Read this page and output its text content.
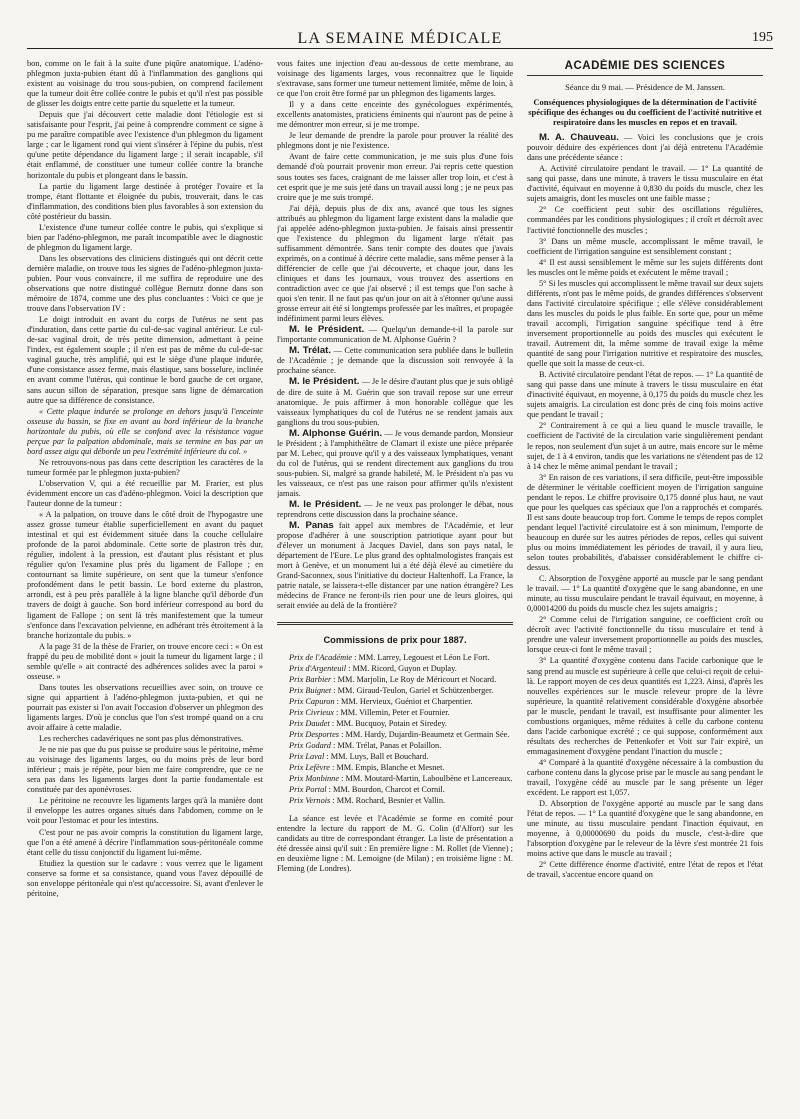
LA SEMAINE MÉDICALE	195

bon, comme on le fait à la suite d'une piqûre anatomique. L'adéno-phlegmon juxta-pubien étant dû à l'inflammation des ganglions qui existent au voisinage du trou sous-pubien, on comprend facilement que la tumeur doit être collée contre le pubis et qu'il n'est pas possible de glisser les doigts entre cette partie du squelette et la tumeur.

Depuis que j'ai découvert cette maladie dont l'étiologie est si satisfaisante pour l'esprit, j'ai peine à comprendre comment ce signe à pu me paraître compatible avec l'existence d'un phlegmon du ligament large ; car le ligament rond qui vient s'insérer à l'épine du pubis, n'est qu'une petite dépendance du ligament large ; il serait incapable, s'il était enflammé, de constituer une tumeur collée contre la branche horizontale du pubis et plongeant dans le bassin.

La partie du ligament large destinée à protéger l'ovaire et la trompe, étant flottante et éloignée du pubis, trouverait, dans le cas d'inflammation, des conditions bien plus favorables à son extension du côté postérieur du bassin.

L'existence d'une tumeur collée contre le pubis, qui s'explique si bien par l'adéno-phlegmon, me paraît incompatible avec le diagnostic de phlegmon du ligament large.

Dans les observations des cliniciens distingués qui ont décrit cette dernière maladie, on trouve tous les signes de l'adéno-phlegmon juxta-pubien. Pour vous convaincre, il me suffira de reproduire une des observations que notre distingué collègue Bernutz donne dans son mémoire de 1874, comme une des plus concluantes : Voici ce que je trouve dans l'observation IV :

Le doigt introduit en avant du corps de l'utérus ne sent pas d'induration, dans cette partie du cul-de-sac vaginal antérieur. Le cul-de-sac vaginal droit, de très petite dimension, admettant à peine l'index, est également souple ; il n'en est pas de même du cul-de-sac vaginal gauche, très amplifié, qui est le siège d'une plaque indurée, d'une consistance assez ferme, mais élastique, sans bosselure, inclinée en avant comme l'utérus, qui continue le bord gauche de cet organe, sans aucun sillon de séparation, presque sans ligne de démarcation autre que sa différence de consistance.

« Cette plaque indurée se prolonge en dehors jusqu'à l'enceinte osseuse du bassin, se fixe en avant au bord inférieur de la branche horizontale du pubis, où elle se confond avec la résistance vague perçue par la palpation abdominale, mais se termine en bas par un bord assez aigu qui déborde un peu l'extrémité inférieure du col. »

Ne retrouvons-nous pas dans cette description les caractères de la tumeur formée par le phlegmon juxta-pubien?

L'observation V, qui a été recueillie par M. Frarier, est plus évidemment encore un cas d'adéno-phlegmon. Voici la description que l'auteur donne de la tumeur :

« A la palpation, on trouve dans le côté droit de l'hypogastre une assez grosse tumeur établie superficiellement en avant du paquet intestinal et qui est évidemment située dans la couche cellulaire profonde de la paroi abdominale. Cette sorte de plastron très dur, régulier, indolent à la pression, est d'autant plus résistant et plus régulier qu'on l'examine plus près du ligament de Fallope ; en contournant sa limite supérieure, on sent que la tumeur s'enfonce profondément dans le petit bassin. Le bord externe du plastron, arrondi, est à peu près parallèle à la ligne blanche qu'il déborde d'un travers de doigt à gauche. Son bord inférieur correspond au bord du ligament de Fallope ; on sent là très manifestement que la tumeur s'enfonce dans l'excavation pelvienne, en adhérant très étroitement à la branche horizontale du pubis. »

A la page 31 de la thèse de Frarier, on trouve encore ceci : « On est frappé du peu de mobilité dont » jouit la tumeur du ligament large ; il semble qu'elle » ait contracté des adhérences solides avec la paroi » osseuse. »

Dans toutes les observations recueillies avec soin, on trouve ce signe qui appartient à l'adéno-phlegmon juxta-pubien, et qui ne pourrait pas exister si l'on avait l'occasion d'observer un phlegmon des ligaments larges. D'où je conclus que l'on s'est trompé quand on a cru avoir affaire à cette maladie.

Les recherches cadavériques ne sont pas plus démonstratives.

Je ne nie pas que du pus puisse se produire sous le péritoine, même au voisinage des ligaments larges, ou du moins près de leur bord inférieur ; mais je répète, pour bien me faire comprendre, que ce ne sera pas dans les ligaments larges dont la partie fondamentale est constituée par des aponévroses.

Le péritoine ne recouvre les ligaments larges qu'à la manière dont il enveloppe les autres organes situés dans l'abdomen, comme on le voit pour l'estomac et pour les intestins.

C'est pour ne pas avoir compris la constitution du ligament large, que l'on a été amené à décrire l'inflammation sous-péritonéale comme étant celle du tissu conjonctif du ligament lui-même.

Etudiez la question sur le cadavre : vous verrez que le ligament conserve sa forme et sa consistance, quand vous l'avez dépouillé de son enveloppe péritonéale qui n'est qu'accessoire. Si, avant d'enlever le péritoine,

vous faites une injection d'eau au-dessous de cette membrane, au voisinage des ligaments larges, vous reconnaitrez que le liquide s'extravase, sans former une tumeur nettement limitée, même de loin, à ce que l'on croit être formé par un phlegmon des ligaments larges.

Il y a dans cette enceinte des gynécologues expérimentés, excellents anatomistes, praticiens éminents qui n'auront pas de peine à me démontrer mon erreur, si je me trompe.

Je leur demande de prendre la parole pour prouver la réalité des phlegmons dont je nie l'existence.

Avant de faire cette communication, je me suis plus d'une fois demandé d'où pourrait provenir mon erreur. J'ai repris cette question sous toutes ses faces, craignant de me laisser aller trop loin, et c'est à cet esprit que je me suis jeté dans un travail aussi long ; je ne peux pas croire que je me suis trompé.

J'ai déjà, depuis plus de dix ans, avancé que tous les signes attribués au phlegmon du ligament large existent dans la maladie que j'ai appelée adéno-phlegmon juxta-pubien. Je faisais ainsi pressentir que l'existence du phlegmon du ligament large n'était pas suffisamment démontrée. Sans tenir compte des doutes que j'avais exprimés, on a continué à décrire cette maladie, sans même penser à la différencier de celle que j'ai découverte, et chaque jour, dans les cliniques et dans les journaux, vous trouvez des assertions en contradiction avec ce que j'ai observé ; il est temps que l'on sache à quoi s'en tenir. Il ne faut pas qu'un jour on ait à s'étonner qu'une aussi grosse erreur ait été si longtemps professée par les maîtres, et propagée indéfiniment parmi leurs élèves.

M. le Président. — Quelqu'un demande-t-il la parole sur l'importante communication de M. Alphonse Guérin ?

M. Trélat. — Cette communication sera publiée dans le bulletin de l'Académie ; je demande que la discussion soit renvoyée à la prochaine séance.

M. le Président. — Je le désire d'autant plus que je suis obligé de dire de suite à M. Guérin que son travail repose sur une erreur anatomique. Je puis affirmer à mon honorable collègue que les vaisseaux lymphatiques du col de l'utérus ne se rendent jamais aux ganglions du trou sous-pubien.

M. Alphonse Guérin. — Je vous demande pardon, Monsieur le Président ; à l'amphithéâtre de Clamart il existe une pièce préparée par M. Lebec, qui prouve qu'il y a des vaisseaux lymphatiques, venant du col de l'utérus, qui se rendent directement aux ganglions du trou sous-pubien. Si, malgré sa grande habileté, M. le Président n'a pas vu les vaisseaux, ce n'est pas une raison pour affirmer qu'ils n'existent jamais.

M. le Président. — Je ne veux pas prolonger le débat, nous reprendrons cette discussion dans la prochaine séance.

M. Panas fait appel aux membres de l'Académie, et leur propose d'adhérer à une souscription patriotique ayant pour but d'élever un monument à Jacques Daviel, dans son pays natal, le département de l'Eure. Le plus grand des ophtalmologistes français est mort à Genève, et un monument lui a été déjà élevé au cimetière du Grand-Saconnex, sous l'initiative du docteur Haltenhoff. La France, la patrie natale, se laissera-t-elle distancer par une nation étrangère? Les médecins de France ne feront-ils rien pour une de leurs gloires, qui serait enviée au delà de la frontière?

Commissions de prix pour 1887.

Prix de l'Académie : MM. Larrey, Legouest et Léon Le Fort.

Prix d'Argenteuil : MM. Ricord, Guyon et Duplay.

Prix Barbier : MM. Marjolin, Le Roy de Méricourt et Nocard.

Prix Buignet : MM. Giraud-Teulon, Gariel et Schützenberger.

Prix Capuron : MM. Hervieux, Guéniot et Charpentier.

Prix Civrieux : MM. Villemin, Peter et Fournier.

Prix Daudet : MM. Bucquoy, Potain et Siredey.

Prix Desportes : MM. Hardy, Dujardin-Beaumetz et Germain Sée.

Prix Godard : MM. Trélat, Panas et Polaillon.

Prix Laval : MM. Luys, Ball et Bouchard.

Prix Lefèvre : MM. Empis, Blanche et Mesnet.

Prix Monbinne : MM. Moutard-Martin, Laboulbène et Lancereaux.

Prix Portal : MM. Bourdon, Charcot et Cornil.

Prix Vernois : MM. Rochard, Besnier et Vallin.

La séance est levée et l'Académie se forme en comité pour entendre la lecture du rapport de M. G. Colin (d'Alfort) sur les candidats au titre de correspondant étranger. La liste de présentation a été dressée ainsi qu'il suit : En première ligne : M. Rollet (de Vienne) ; en deuxième ligne : M. Lemoigne (de Milan) ; en troisième ligne : M. Fleming (de Londres).

ACADÉMIE DES SCIENCES
Séance du 9 mai. — Présidence de M. Janssen.
Conséquences physiologiques de la détermination de l'activité spécifique des échanges ou du coefficient de l'activité nutritive et respiratoire dans les muscles en repos et en travail.

M. A. Chauveau. — Voici les conclusions que je crois pouvoir déduire des expériences dont j'ai déjà entretenu l'Académie dans une précédente séance :

A. Activité circulatoire pendant le travail. — 1° La quantité de sang qui passe, dans une minute, à travers le tissu musculaire en état d'activité, équivaut en moyenne à 0,830 du poids du muscle, chez les sujets amaigris, dont les muscles ont une faible masse ;

2° Ce coefficient peut subir des oscillations régulières, commandées par les conditions physiologiques ; il croît et décroît avec l'activité fonctionnelle des muscles ;

3° Dans un même muscle, accomplissant le même travail, le coefficient de l'irrigation sanguine est sensiblement constant ;

4° Il est aussi sensiblement le même sur les sujets différents dont les muscles ont le même poids et exécutent le même travail ;

5° Si les muscles qui accomplissent le même travail sur deux sujets différents, n'ont pas le même poids, de grandes différences s'observent dans l'activité circulatoire spécifique ; elle s'élève considérablement dans les muscles du poids le plus faible. En sorte que, pour un même travail accompli, l'irrigation sanguine spécifique tend à être inversement proportionnelle au poids des muscles qui exécutent le travail. Autrement dit, la même somme de travail exige la même quantité de sang pour l'irrigation nutritive et respiratoire des muscles, quelle que soit la masse de ceux-ci.

B. Activité circulatoire pendant l'état de repos. — 1° La quantité de sang qui passe dans une minute à travers le tissu musculaire en état d'inactivité équivaut, en moyenne, à 0,175 du poids du muscle chez les sujets amaigris. La circulation est donc près de cinq fois moins active que pendant le travail ;

2° Contrairement à ce qui a lieu quand le muscle travaille, le coefficient de l'activité de la circulation varie singulièrement pendant le repos, non seulement d'un sujet à un autre, mais encore sur le même sujet, de 1 à 4 environ, tandis que les variations ne s'étendent pas de 12 à 14 chez le même animal pendant le travail ;

3° En raison de ces variations, il sera difficile, peut-être impossible de déterminer le véritable coefficient moyen de l'irrigation sanguine pendant le repos. Le chiffre provisoire 0,175 donné plus haut, ne vaut que pour les quelques cas spéciaux que l'on a rapprochés et comparés. Il est sans doute beaucoup trop fort. Comme le temps de repos complet pendant lequel l'activité circulatoire est à son minimum, l'emporte de beaucoup en durée sur les autres périodes de repos, celles qui suivent plus ou moins immédiatement les périodes de travail, il y aura lieu, selon toutes probabilités, d'abaisser considérablement le chiffre ci-dessus.

C. Absorption de l'oxygène apporté au muscle par le sang pendant le travail. — 1° La quantité d'oxygène que le sang abandonne, en une minute, au tissu musculaire pendant le travail équivaut, en moyenne, à 0,00014200 du poids du muscle chez les sujets amaigris ;

2° Comme celui de l'irrigation sanguine, ce coefficient croît ou décroît avec l'activité fonctionnelle du tissu musculaire et tend à prendre une valeur inversement proportionnelle au poids des muscles, lorsque ceux-ci font le même travail ;

3° La quantité d'oxygène contenu dans l'acide carbonique que le sang prend au muscle est supérieure à celle que celui-ci reçoit de celui-là. Le rapport moyen de ces deux quantités est 1,223. Ainsi, d'après les nouvelles expériences sur le muscle releveur propre de la lèvre supérieure, la quantité relativement considérable d'oxygène absorbée par le muscle, pendant le travail, est insuffisante pour alimenter les combustions organiques, même réduites à celle du carbone contenu dans l'acide carbonique excrété ; ce qui suppose, conformément aux résultats des recherches de Pettenkofer et Voit sur l'air expiré, un emmagasinement d'oxygène pendant l'inaction du muscle ;

4° Comparé à la quantité d'oxygène nécessaire à la combustion du carbone contenu dans la glycose prise par le muscle au sang pendant le travail, l'oxygène cédé au muscle par le sang présente un léger excédent. Le rapport est 1,057.

D. Absorption de l'oxygène apporté au muscle par le sang dans l'état de repos. — 1° La quantité d'oxygène que le sang abandonne, en une minute, au tissu musculaire pendant l'inaction équivaut, en moyenne, à 0,00000690 du poids du muscle, c'est-à-dire que l'absorption d'oxygène par le releveur de la lèvre s'est montrée 21 fois moins active que dans le muscle au travail ;

2° Cette différence énorme d'activité, entre l'état de repos et l'état de travail, s'accentue encore quand on
